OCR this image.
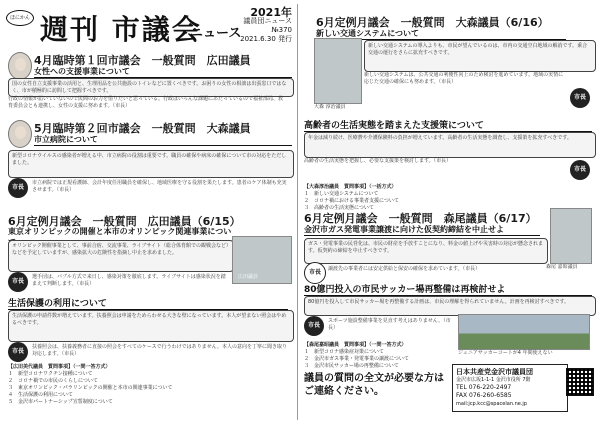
ほにかん 週刊 市議会
ニュース
2021年
議員団ニュース
№370
2021.6.30 発行
4月臨時第１回市議会　一般質問　広田議員
女性への支援事業について
国の女性自立支援事業の活用と、生理用品を公共施設のトイレなどに置くべきです。お困りの女性の相談は出張窓口ではなく、市が積極的に訪問して把握すべきです。
行政の情報が届いていないので民間のお力を借りたいと思っている。行政はいろんな課題にあたっているので福祉部局、教育委員会とも連携し、女性の支援に努めます。（市長）
5月臨時第２回市議会　一般質問　大森議員
市立病院について
新型コロナウイルスの感染者が増える中、市立病院の役割は重要です。職員の確保や病床の確保について市の対応をただしました。
市長
市立病院では正規看護師、会計年度任用職員を確保し、地域医療を守る役割を果たします。患者のケア体制も充実させます。（市長）
6月定例月議会　一般質問　広田議員（6/15）
東京オリンピックの開催と本市のオリンピック関連事業につい
オリンピック開催事業として、事前合宿、交流事業、ライブサイト（総合体育館での観戦会など）などを予定していますが、感染拡大の危険性を指摘し中止を求めました。
広田議員
市長
選手団は、バブル方式で来日し、感染対策を徹底します。ライブサイトは感染状況を踏まえて判断します。（市長）
生活保護の利用について
生活保護の申請件数が増えています。扶養照会は申請をためらわせる大きな壁になっています。本人が望まない照会はやめるべきです。
市長
扶養照会は、扶養義務者に直接の照会をすべてのケースで行うわけではありません。本人の意向を丁寧に聞き取り対応します。（市長）
【広田美代議員　質問事項】（一問一答方式）
１　新型コロナワクチン接種について
２　コロナ禍での市民のくらしについて
３　東京オリンピック・パラリンピックの開催と本市の関連事業について
４　生活保護の利用について
５　金沢市パートナーシップ宣誓制度について
6月定例月議会　一般質問　大森議員（6/16）
新しい交通システムについて
大森 淳治議員
新しい交通システムの導入よりも、市民が望んでいるのは、市内の交通空白地域の解消です。乗合交通の運行をさらに拡充すべきです。
新しい交通システムは、公共交通の利便性向上のため検討を進めています。地域の実情に応じた交通の確保にも努めます。（市長）
市長
高齢者の生活実態を踏まえた支援策について
年金は減り続け、医療費や介護保険料の負担が増えています。高齢者の生活実態を調査し、支援策を拡充すべきです。
高齢者の生活実態を把握し、必要な支援策を検討します。（市長）
市長
【大森淳治議員　質問事項】（一括方式）
１　新しい交通システムについて
２　コロナ禍における事業者支援について
３　高齢者の生活実態について
6月定例月議会　一般質問　森尾議員（6/17）
金沢市ガス発電事業譲渡に向けた仮契約締結を中止せよ
森尾 嘉昭議員
ガス・発電事業の民営化は、市民の財産を手放すことになり、料金の値上げや災害時の対応が懸念されます。仮契約の締結を中止すべきです。
市長	譲渡先の事業者には安定供給と保安の確保を求めています。（市長）
80億円投入の市民サッカー場再整備は再検討せよ
80億円を投入して市民サッカー場を再整備する計画は、市民の理解を得られていません。計画を再検討すべきです。
市長
スポーツ施設整備事業を見直す考えはありません。（市長）
ジュニアサッカーコートが4 年間使えない
【森尾嘉昭議員　質問事項】（一問一答方式）
１　新型コロナ感染症対策について
２　金沢市ガス事業・発電事業の譲渡について
３　金沢市民サッカー場の再整備について
議員の質問の全文が必要な方はご連絡ください。
日本共産党金沢市議員団
金沢市広坂1-1-1 金沢市役所 7階
TEL 076-220-2497
FAX 076-260-6585
mail:jcp.kcc@spacelan.ne.jp
